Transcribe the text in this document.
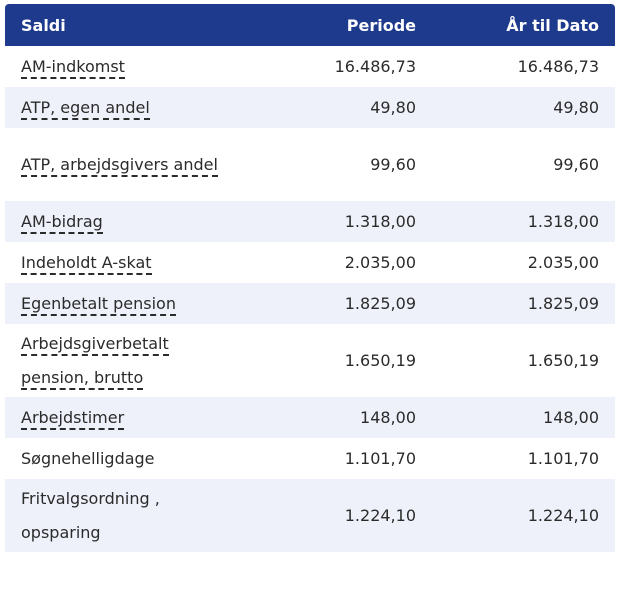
Saldi	Periode	År til Dato
AM-indkomst	16.486,73	16.486,73
ATP, egen andel	49,80	49,80
ATP, arbejdsgivers andel	99,60	99,60
AM-bidrag	1.318,00	1.318,00
Indeholdt A-skat	2.035,00	2.035,00
Egenbetalt pension	1.825,09	1.825,09
Arbejdsgiverbetalt pension, brutto	1.650,19	1.650,19
Arbejdstimer	148,00	148,00
Søgnehelligdage	1.101,70	1.101,70
Fritvalgsordning , opsparing	1.224,10	1.224,10
